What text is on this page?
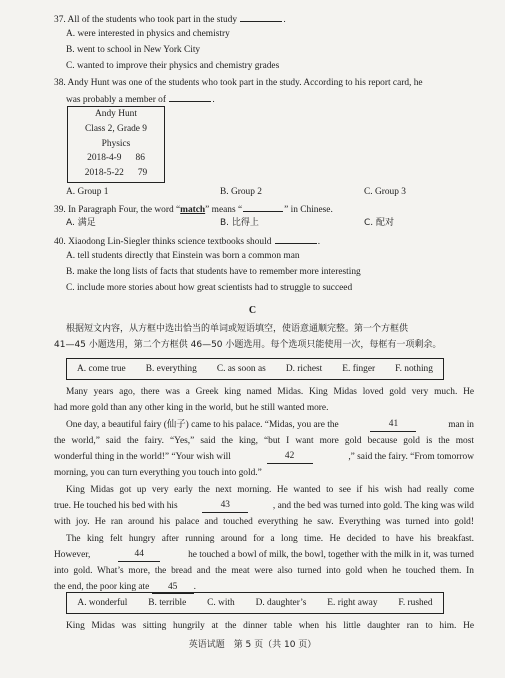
37. All of the students who took part in the study	.
A. were interested in physics and chemistry
B. went to school in New York City
C. wanted to improve their physics and chemistry grades
38. Andy Hunt was one of the students who took part in the study. According to his report card, he
was probably a member of	.
Andy Hunt
Class 2, Grade 9
Physics
2018-4-9 86
2018-5-22 79
A. Group 1	B. Group 2	C. Group 3
39. In Paragraph Four, the word “match” means “	” in Chinese.
A. 满足	B. 比得上	C. 配对
40. Xiaodong Lin-Siegler thinks science textbooks should	.
A. tell students directly that Einstein was born a common man
B. make the long lists of facts that students have to remember more interesting
C. include more stories about how great scientists had to struggle to succeed
C
根据短文内容，从方框中选出恰当的单词或短语填空，使语意通顺完整。第一个方框供
41—45 小题选用，第二个方框供 46—50 小题选用。每个选项只能使用一次，每框有一项剩余。
A. come true B. everything C. as soon as D. richest E. finger F. nothing
Many years ago, there was a Greek king named Midas. King Midas loved gold very much. He
had more gold than any other king in the world, but he still wanted more.
One day, a beautiful fairy (仙子) came to his palace. “Midas, you are the	41	man in
the world,” said the fairy. “Yes,” said the king, “but I want more gold because gold is the most
wonderful thing in the world!” “Your wish will	42	,” said the fairy. “From tomorrow
morning, you can turn everything you touch into gold.”
King Midas got up very early the next morning. He wanted to see if his wish had really come
true. He touched his bed with his	43	, and the bed was turned into gold. The king was wild
with joy. He ran around his palace and touched everything he saw. Everything was turned into gold!
The king felt hungry after running around for a long time. He decided to have his breakfast.
However,	44	he touched a bowl of milk, the bowl, together with the milk in it, was turned
into gold. What’s more, the bread and the meat were also turned into gold when he touched them. In
the end, the poor king ate 45 .
A. wonderful B. terrible C. with D. daughter’s E. right away F. rushed
King Midas was sitting hungrily at the dinner table when his little daughter ran to him. He
英语试题　第 5 页（共 10 页）
